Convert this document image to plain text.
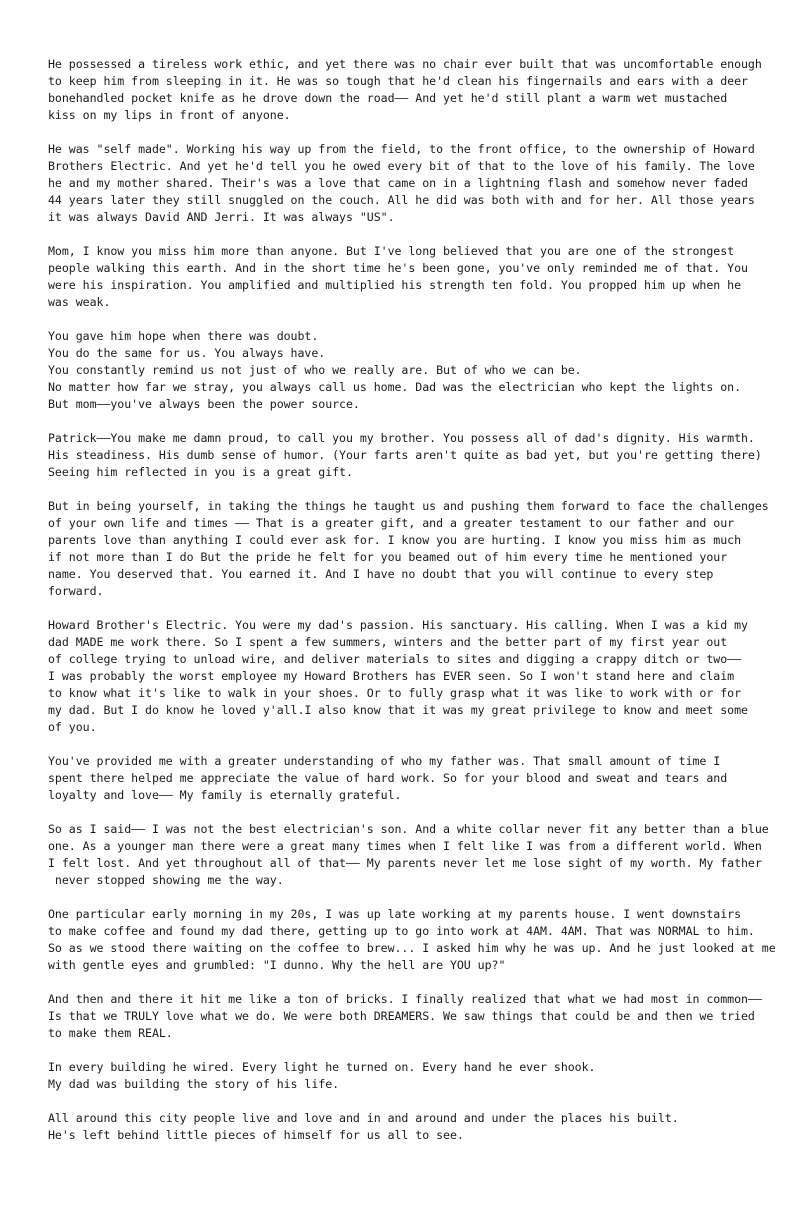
He possessed a tireless work ethic, and yet there was no chair ever built that was uncomfortable enough
to keep him from sleeping in it. He was so tough that he'd clean his fingernails and ears with a deer
bonehandled pocket knife as he drove down the road—— And yet he'd still plant a warm wet mustached
kiss on my lips in front of anyone.
He was "self made". Working his way up from the field, to the front office, to the ownership of Howard
Brothers Electric. And yet he'd tell you he owed every bit of that to the love of his family. The love
he and my mother shared. Their's was a love that came on in a lightning flash and somehow never faded
44 years later they still snuggled on the couch. All he did was both with and for her. All those years
it was always David AND Jerri. It was always "US".
Mom, I know you miss him more than anyone. But I've long believed that you are one of the strongest
people walking this earth. And in the short time he's been gone, you've only reminded me of that. You
were his inspiration. You amplified and multiplied his strength ten fold. You propped him up when he
was weak.
You gave him hope when there was doubt.
You do the same for us. You always have.
You constantly remind us not just of who we really are. But of who we can be.
No matter how far we stray, you always call us home. Dad was the electrician who kept the lights on.
But mom——you've always been the power source.
Patrick——You make me damn proud, to call you my brother. You possess all of dad's dignity. His warmth.
His steadiness. His dumb sense of humor. (Your farts aren't quite as bad yet, but you're getting there)
Seeing him reflected in you is a great gift.
But in being yourself, in taking the things he taught us and pushing them forward to face the challenges
of your own life and times —— That is a greater gift, and a greater testament to our father and our
parents love than anything I could ever ask for. I know you are hurting. I know you miss him as much
if not more than I do But the pride he felt for you beamed out of him every time he mentioned your
name. You deserved that. You earned it. And I have no doubt that you will continue to every step
forward.
Howard Brother's Electric. You were my dad's passion. His sanctuary. His calling. When I was a kid my
dad MADE me work there. So I spent a few summers, winters and the better part of my first year out
of college trying to unload wire, and deliver materials to sites and digging a crappy ditch or two——
I was probably the worst employee my Howard Brothers has EVER seen. So I won't stand here and claim
to know what it's like to walk in your shoes. Or to fully grasp what it was like to work with or for
my dad. But I do know he loved y'all.I also know that it was my great privilege to know and meet some
of you.
You've provided me with a greater understanding of who my father was. That small amount of time I
spent there helped me appreciate the value of hard work. So for your blood and sweat and tears and
loyalty and love—— My family is eternally grateful.
So as I said—— I was not the best electrician's son. And a white collar never fit any better than a blue
one. As a younger man there were a great many times when I felt like I was from a different world. When
I felt lost. And yet throughout all of that—— My parents never let me lose sight of my worth. My father
never stopped showing me the way.
One particular early morning in my 20s, I was up late working at my parents house. I went downstairs
to make coffee and found my dad there, getting up to go into work at 4AM. 4AM. That was NORMAL to him.
So as we stood there waiting on the coffee to brew... I asked him why he was up. And he just looked at me
with gentle eyes and grumbled: "I dunno. Why the hell are YOU up?"
And then and there it hit me like a ton of bricks. I finally realized that what we had most in common——
Is that we TRULY love what we do. We were both DREAMERS. We saw things that could be and then we tried
to make them REAL.
In every building he wired. Every light he turned on. Every hand he ever shook.
My dad was building the story of his life.
All around this city people live and love and in and around and under the places his built.
He's left behind little pieces of himself for us all to see.
